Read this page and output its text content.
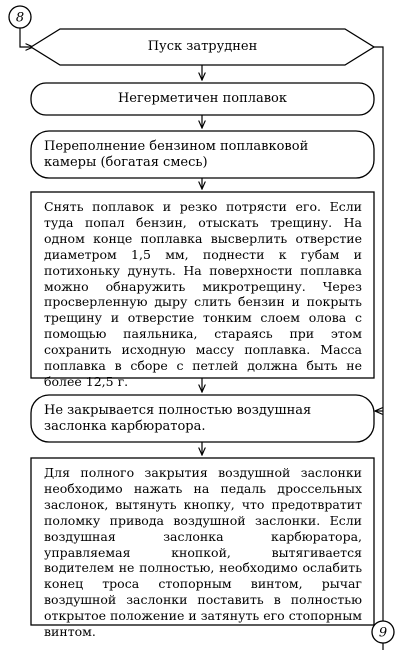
8
9

Пуск затруднен

Негерметичен поплавок

Переполнение бензином поплавковой камеры (богатая смесь)

Снять поплавок и резко потрясти его. Если туда попал бензин, отыскать трещину. На одном конце поплавка высверлить отверстие диаметром 1,5 мм, поднести к губам и потихоньку дунуть. На поверхности поплавка можно обнаружить микротрещину. Через просверленную дыру слить бензин и покрыть трещину и отверстие тонким слоем олова с помощью паяльника, стараясь при этом сохранить исходную массу поплавка. Масса поплавка в сборе с петлей должна быть не более 12,5 г.

Не закрывается полностью воздушная заслонка карбюратора.

Для полного закрытия воздушной заслонки необходимо нажать на педаль дроссельных заслонок, вытянуть кнопку, что предотвратит поломку привода воздушной заслонки. Если воздушная заслонка карбюратора, управляемая кнопкой, вытягивается водителем не полностью, необходимо ослабить конец троса стопорным винтом, рычаг воздушной заслонки поставить в полностью открытое положение и затянуть его стопорным винтом.
